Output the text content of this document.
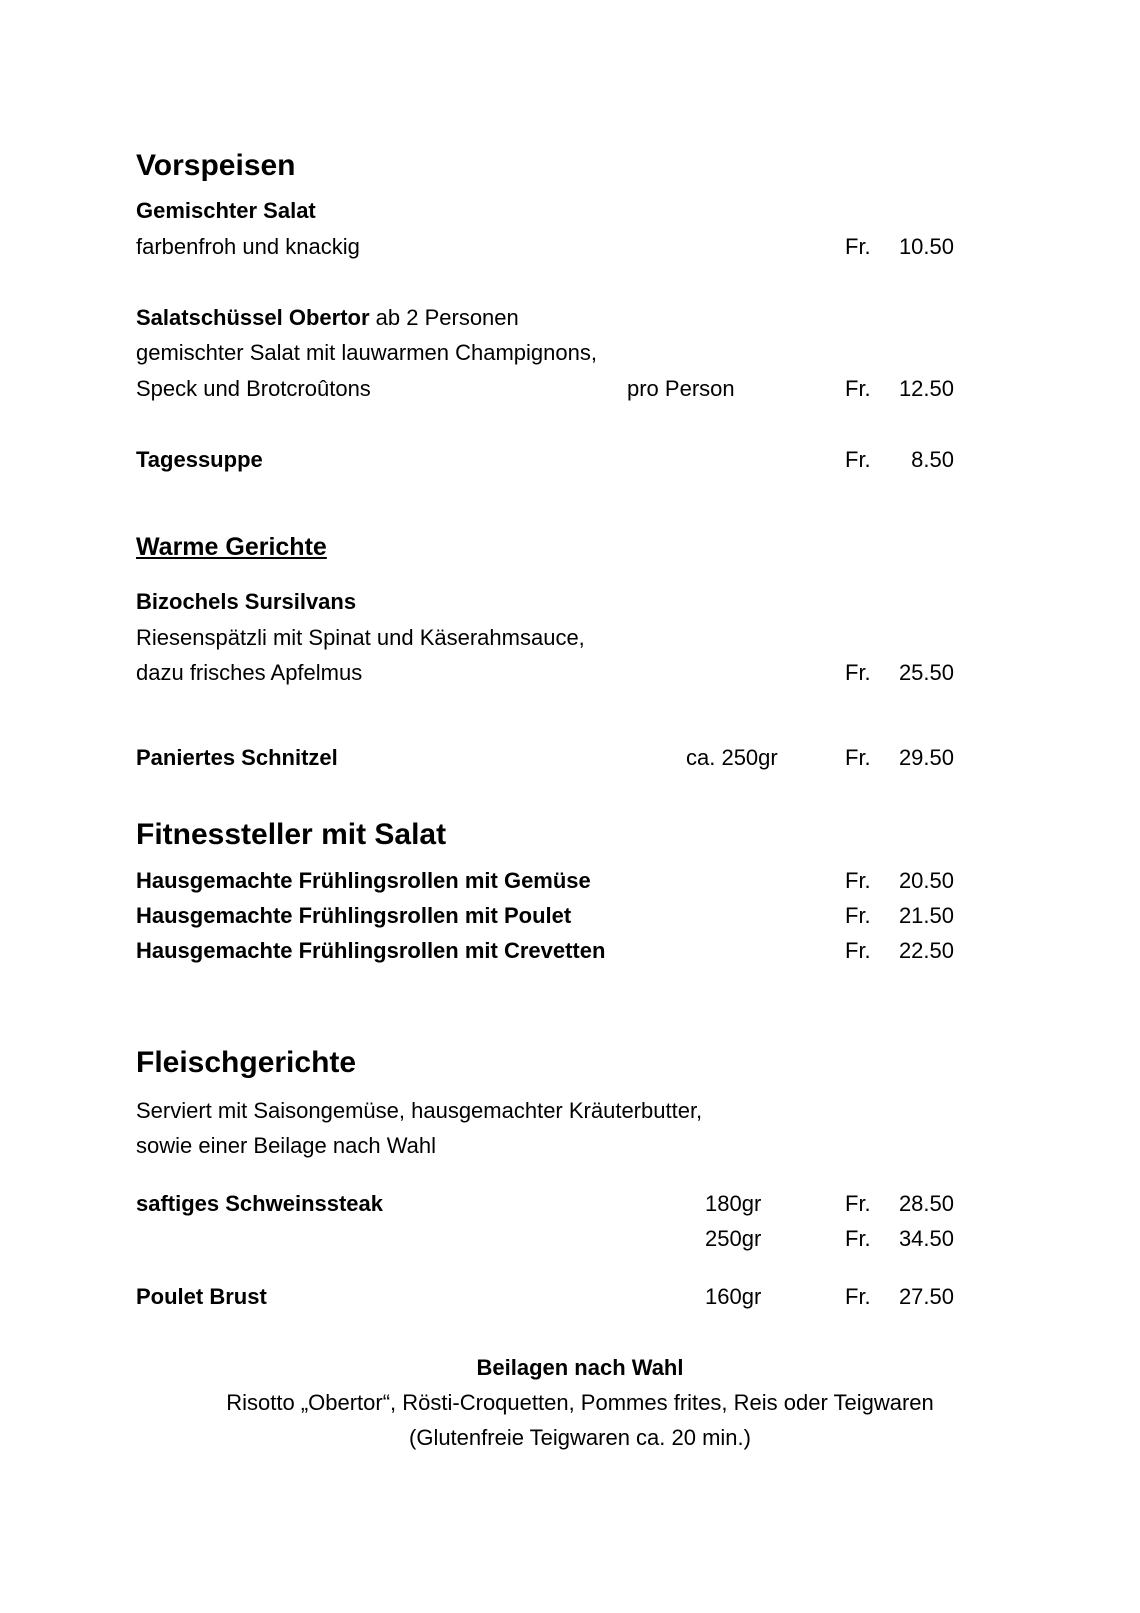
Vorspeisen
Gemischter Salat
farbenfroh und knackig	Fr. 10.50
Salatschüssel Obertor ab 2 Personen
gemischter Salat mit lauwarmen Champignons,
Speck und Brotcroûtons	pro Person	Fr. 12.50
Tagessuppe	Fr. 8.50
Warme Gerichte
Bizochels Sursilvans
Riesenspätzli mit Spinat und Käserahmsauce,
dazu frisches Apfelmus	Fr. 25.50
Paniertes Schnitzel	ca. 250gr	Fr. 29.50
Fitnessteller mit Salat
Hausgemachte Frühlingsrollen mit Gemüse	Fr. 20.50
Hausgemachte Frühlingsrollen mit Poulet	Fr. 21.50
Hausgemachte Frühlingsrollen mit Crevetten	Fr. 22.50
Fleischgerichte
Serviert mit Saisongemüse, hausgemachter Kräuterbutter,
sowie einer Beilage nach Wahl
saftiges Schweinssteak	180gr	Fr. 28.50
250gr	Fr. 34.50
Poulet Brust	160gr	Fr. 27.50
Beilagen nach Wahl
Risotto „Obertor“, Rösti-Croquetten, Pommes frites, Reis oder Teigwaren
(Glutenfreie Teigwaren ca. 20 min.)
